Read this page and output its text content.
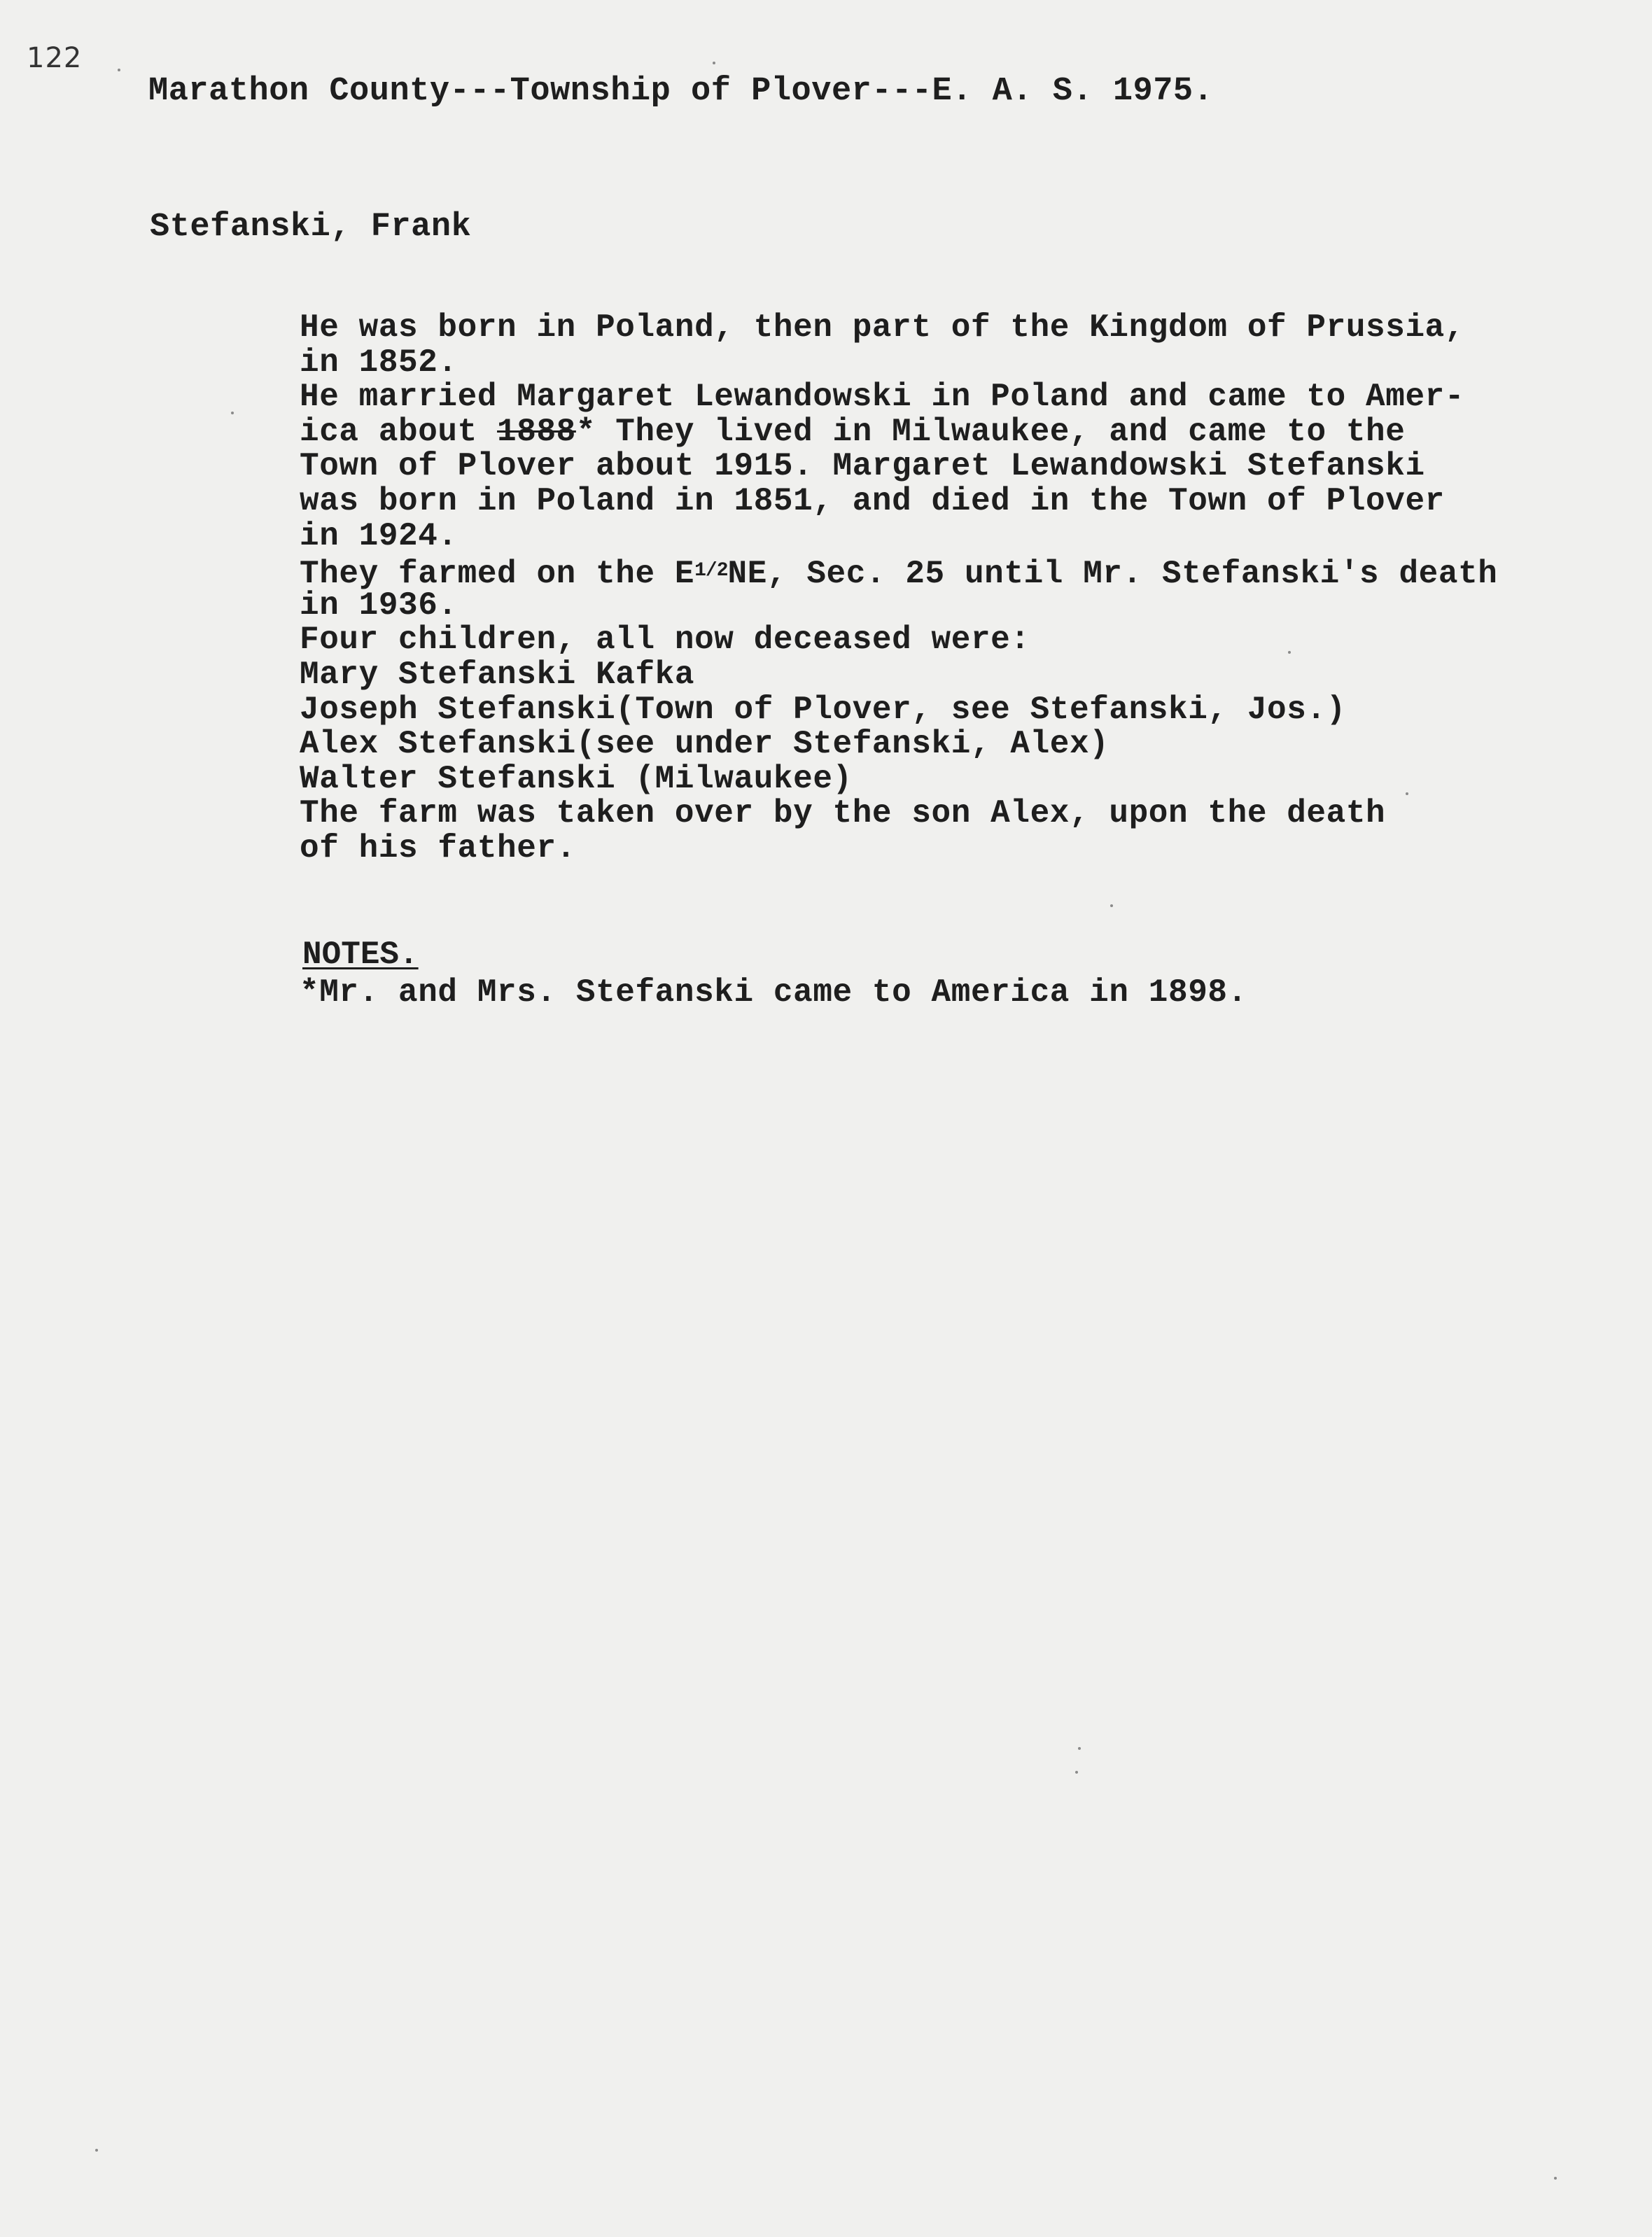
122
Marathon County---Township of Plover---E. A. S. 1975.
Stefanski, Frank
He was born in Poland, then part of the Kingdom of Prussia,
in 1852.
He married Margaret Lewandowski in Poland and came to Amer-
ica about 1888* They lived in Milwaukee, and came to the
Town of Plover about 1915. Margaret Lewandowski Stefanski
was born in Poland in 1851, and died in the Town of Plover
in 1924.
They farmed on the $E^{1/2}NE$, Sec. 25 until Mr. Stefanski's death
in 1936.
Four children, all now deceased were:
Mary Stefanski Kafka
Joseph Stefanski(Town of Plover, see Stefanski, Jos.)
Alex Stefanski(see under Stefanski, Alex)
Walter Stefanski (Milwaukee)
The farm was taken over by the son Alex, upon the death
of his father.
NOTES.
*Mr. and Mrs. Stefanski came to America in 1898.
